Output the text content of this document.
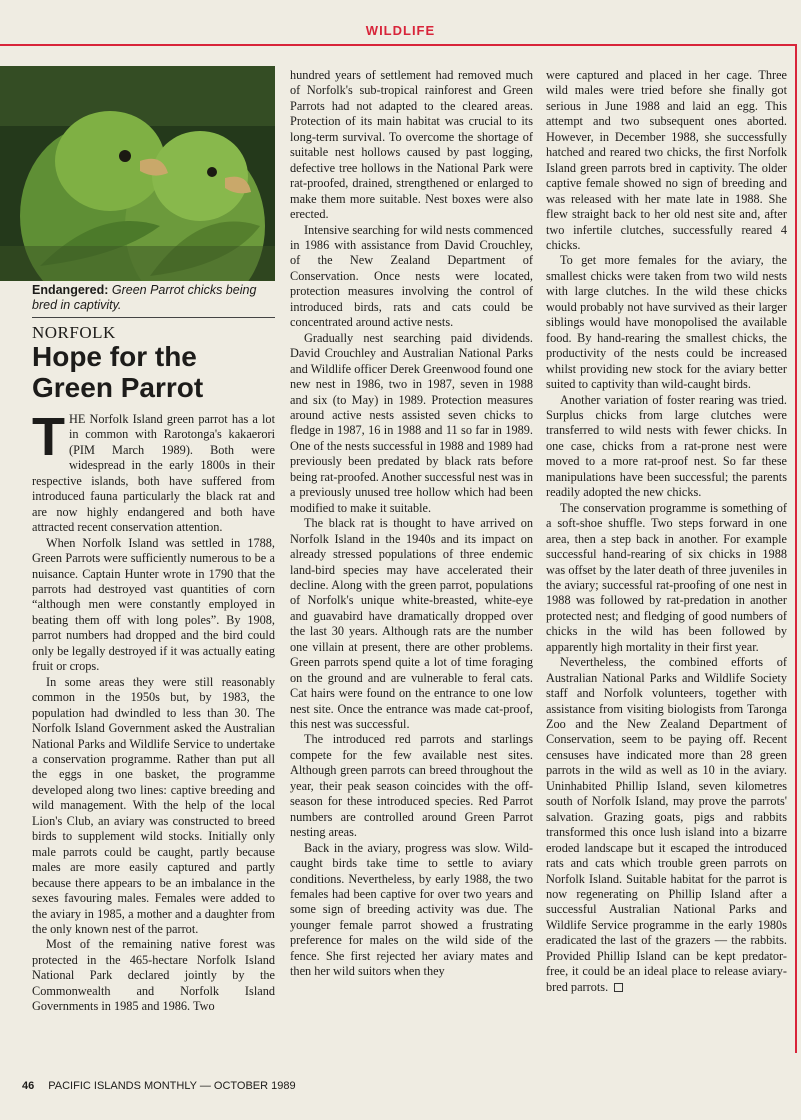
WILDLIFE
Endangered: Green Parrot chicks being bred in captivity.
NORFOLK
Hope for the Green Parrot

THE Norfolk Island green parrot has a lot in common with Rarotonga's kakaerori (PIM March 1989). Both were widespread in the early 1800s in their respective islands, both have suffered from introduced fauna particularly the black rat and are now highly endangered and both have attracted recent conservation attention.

When Norfolk Island was settled in 1788, Green Parrots were sufficiently numerous to be a nuisance. Captain Hunter wrote in 1790 that the parrots had destroyed vast quantities of corn “although men were constantly employed in beating them off with long poles”. By 1908, parrot numbers had dropped and the bird could only be legally destroyed if it was actually eating fruit or crops.

In some areas they were still reasonably common in the 1950s but, by 1983, the population had dwindled to less than 30. The Norfolk Island Government asked the Australian National Parks and Wildlife Service to undertake a conservation programme. Rather than put all the eggs in one basket, the programme developed along two lines: captive breeding and wild management. With the help of the local Lion's Club, an aviary was constructed to breed birds to supplement wild stocks. Initially only male parrots could be caught, partly because males are more easily captured and partly because there appears to be an imbalance in the sexes favouring males. Females were added to the aviary in 1985, a mother and a daughter from the only known nest of the parrot.

Most of the remaining native forest was protected in the 465-hectare Norfolk Island National Park declared jointly by the Commonwealth and Norfolk Island Governments in 1985 and 1986. Two

hundred years of settlement had removed much of Norfolk's sub-tropical rainforest and Green Parrots had not adapted to the cleared areas. Protection of its main habitat was crucial to its long-term survival. To overcome the shortage of suitable nest hollows caused by past logging, defective tree hollows in the National Park were rat-proofed, drained, strengthened or enlarged to make them more suitable. Nest boxes were also erected.

Intensive searching for wild nests commenced in 1986 with assistance from David Crouchley, of the New Zealand Department of Conservation. Once nests were located, protection measures involving the control of introduced birds, rats and cats could be concentrated around active nests.

Gradually nest searching paid dividends. David Crouchley and Australian National Parks and Wildlife officer Derek Greenwood found one new nest in 1986, two in 1987, seven in 1988 and six (to May) in 1989. Protection measures around active nests assisted seven chicks to fledge in 1987, 16 in 1988 and 11 so far in 1989. One of the nests successful in 1988 and 1989 had previously been predated by black rats before being rat-proofed. Another successful nest was in a previously unused tree hollow which had been modified to make it suitable.

The black rat is thought to have arrived on Norfolk Island in the 1940s and its impact on already stressed populations of three endemic land-bird species may have accelerated their decline. Along with the green parrot, populations of Norfolk's unique white-breasted, white-eye and guavabird have dramatically dropped over the last 30 years. Although rats are the number one villain at present, there are other problems. Green parrots spend quite a lot of time foraging on the ground and are vulnerable to feral cats. Cat hairs were found on the entrance to one low nest site. Once the entrance was made cat-proof, this nest was successful.

The introduced red parrots and starlings compete for the few available nest sites. Although green parrots can breed throughout the year, their peak season coincides with the off-season for these introduced species. Red Parrot numbers are controlled around Green Parrot nesting areas.

Back in the aviary, progress was slow. Wild-caught birds take time to settle to aviary conditions. Nevertheless, by early 1988, the two females had been captive for over two years and some sign of breeding activity was due. The younger female parrot showed a frustrating preference for males on the wild side of the fence. She first rejected her aviary mates and then her wild suitors when they

were captured and placed in her cage. Three wild males were tried before she finally got serious in June 1988 and laid an egg. This attempt and two subsequent ones aborted. However, in December 1988, she successfully hatched and reared two chicks, the first Norfolk Island green parrots bred in captivity. The older captive female showed no sign of breeding and was released with her mate late in 1988. She flew straight back to her old nest site and, after two infertile clutches, successfully reared 4 chicks.

To get more females for the aviary, the smallest chicks were taken from two wild nests with large clutches. In the wild these chicks would probably not have survived as their larger siblings would have monopolised the available food. By hand-rearing the smallest chicks, the productivity of the nests could be increased whilst providing new stock for the aviary better suited to captivity than wild-caught birds.

Another variation of foster rearing was tried. Surplus chicks from large clutches were transferred to wild nests with fewer chicks. In one case, chicks from a rat-prone nest were moved to a more rat-proof nest. So far these manipulations have been successful; the parents readily adopted the new chicks.

The conservation programme is something of a soft-shoe shuffle. Two steps forward in one area, then a step back in another. For example successful hand-rearing of six chicks in 1988 was offset by the later death of three juveniles in the aviary; successful rat-proofing of one nest in 1988 was followed by rat-predation in another protected nest; and fledging of good numbers of chicks in the wild has been followed by apparently high mortality in their first year.

Nevertheless, the combined efforts of Australian National Parks and Wildlife Society staff and Norfolk volunteers, together with assistance from visiting biologists from Taronga Zoo and the New Zealand Department of Conservation, seem to be paying off. Recent censuses have indicated more than 28 green parrots in the wild as well as 10 in the aviary. Uninhabited Phillip Island, seven kilometres south of Norfolk Island, may prove the parrots' salvation. Grazing goats, pigs and rabbits transformed this once lush island into a bizarre eroded landscape but it escaped the introduced rats and cats which trouble green parrots on Norfolk Island. Suitable habitat for the parrot is now regenerating on Phillip Island after a successful Australian National Parks and Wildlife Service programme in the early 1980s eradicated the last of the grazers — the rabbits. Provided Phillip Island can be kept predator-free, it could be an ideal place to release aviary-bred parrots.

46 PACIFIC ISLANDS MONTHLY — OCTOBER 1989
